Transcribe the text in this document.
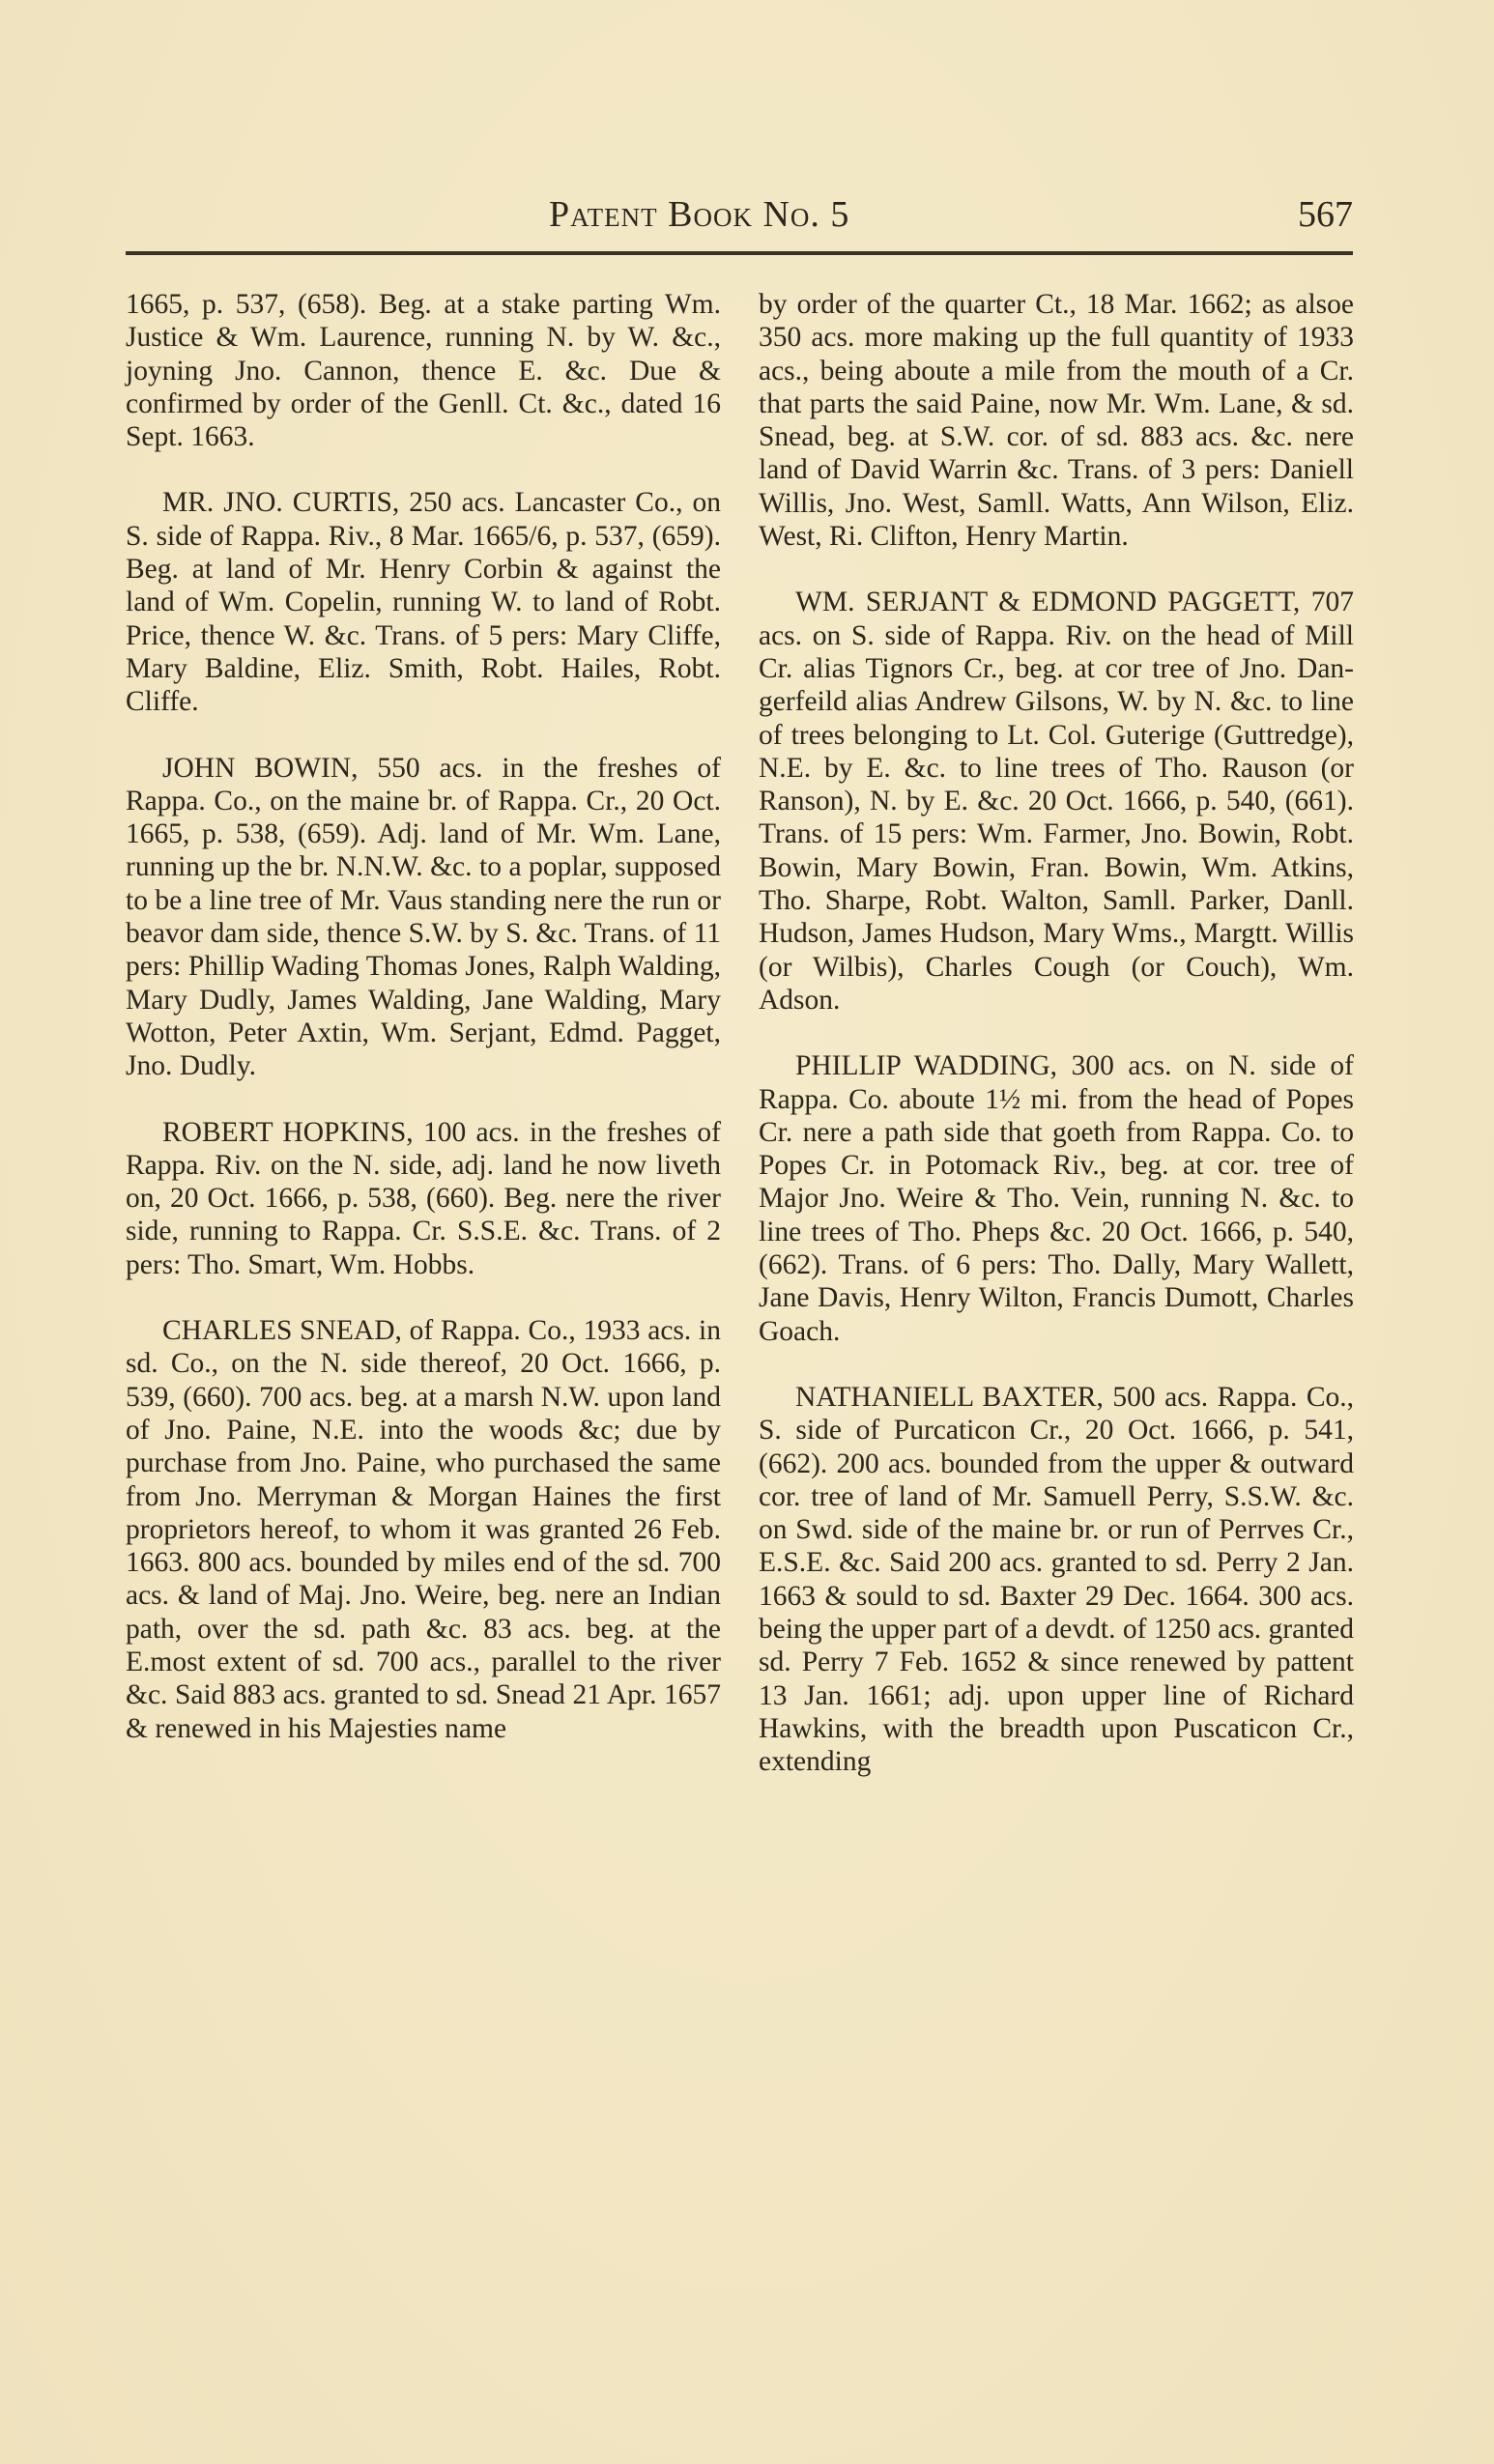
Patent Book No. 5	567

1665, p. 537, (658). Beg. at a stake parting Wm. Justice & Wm. Laurence, running N. by W. &c., joyning Jno. Cannon, thence E. &c. Due & confirmed by order of the Genll. Ct. &c., dated 16 Sept. 1663.

MR. JNO. CURTIS, 250 acs. Lancaster Co., on S. side of Rappa. Riv., 8 Mar. 1665/6, p. 537, (659). Beg. at land of Mr. Henry Corbin & against the land of Wm. Copelin, running W. to land of Robt. Price, thence W. &c. Trans. of 5 pers: Mary Cliffe, Mary Baldine, Eliz. Smith, Robt. Hailes, Robt. Cliffe.

JOHN BOWIN, 550 acs. in the freshes of Rappa. Co., on the maine br. of Rappa. Cr., 20 Oct. 1665, p. 538, (659). Adj. land of Mr. Wm. Lane, running up the br. N.N.W. &c. to a poplar, supposed to be a line tree of Mr. Vaus standing nere the run or beavor dam side, thence S.W. by S. &c. Trans. of 11 pers: Phillip Wading Thomas Jones, Ralph Walding, Mary Dudly, James Walding, Jane Walding, Mary Wotton, Peter Axtin, Wm. Serjant, Edmd. Pagget, Jno. Dudly.

ROBERT HOPKINS, 100 acs. in the freshes of Rappa. Riv. on the N. side, adj. land he now liveth on, 20 Oct. 1666, p. 538, (660). Beg. nere the river side, running to Rappa. Cr. S.S.E. &c. Trans. of 2 pers: Tho. Smart, Wm. Hobbs.

CHARLES SNEAD, of Rappa. Co., 1933 acs. in sd. Co., on the N. side thereof, 20 Oct. 1666, p. 539, (660). 700 acs. beg. at a marsh N.W. upon land of Jno. Paine, N.E. into the woods &c; due by purchase from Jno. Paine, who purchased the same from Jno. Merryman & Morgan Haines the first proprietors hereof, to whom it was granted 26 Feb. 1663. 800 acs. bounded by miles end of the sd. 700 acs. & land of Maj. Jno. Weire, beg. nere an Indian path, over the sd. path &c. 83 acs. beg. at the E.most extent of sd. 700 acs., parallel to the river &c. Said 883 acs. granted to sd. Snead 21 Apr. 1657 & renewed in his Majesties name

by order of the quarter Ct., 18 Mar. 1662; as alsoe 350 acs. more making up the full quantity of 1933 acs., being aboute a mile from the mouth of a Cr. that parts the said Paine, now Mr. Wm. Lane, & sd. Snead, beg. at S.W. cor. of sd. 883 acs. &c. nere land of David Warrin &c. Trans. of 3 pers: Daniell Willis, Jno. West, Samll. Watts, Ann Wilson, Eliz. West, Ri. Clifton, Henry Martin.

WM. SERJANT & EDMOND PAGGETT, 707 acs. on S. side of Rappa. Riv. on the head of Mill Cr. alias Tignors Cr., beg. at cor tree of Jno. Dangerfeild alias Andrew Gilsons, W. by N. &c. to line of trees belonging to Lt. Col. Guterige (Guttredge), N.E. by E. &c. to line trees of Tho. Rauson (or Ranson), N. by E. &c. 20 Oct. 1666, p. 540, (661). Trans. of 15 pers: Wm. Farmer, Jno. Bowin, Robt. Bowin, Mary Bowin, Fran. Bowin, Wm. Atkins, Tho. Sharpe, Robt. Walton, Samll. Parker, Danll. Hudson, James Hudson, Mary Wms., Margtt. Willis (or Wilbis), Charles Cough (or Couch), Wm. Adson.

PHILLIP WADDING, 300 acs. on N. side of Rappa. Co. aboute 1½ mi. from the head of Popes Cr. nere a path side that goeth from Rappa. Co. to Popes Cr. in Potomack Riv., beg. at cor. tree of Major Jno. Weire & Tho. Vein, running N. &c. to line trees of Tho. Pheps &c. 20 Oct. 1666, p. 540, (662). Trans. of 6 pers: Tho. Dally, Mary Wallett, Jane Davis, Henry Wilton, Francis Dumott, Charles Goach.

NATHANIELL BAXTER, 500 acs. Rappa. Co., S. side of Purcaticon Cr., 20 Oct. 1666, p. 541, (662). 200 acs. bounded from the upper & outward cor. tree of land of Mr. Samuell Perry, S.S.W. &c. on Swd. side of the maine br. or run of Perrves Cr., E.S.E. &c. Said 200 acs. granted to sd. Perry 2 Jan. 1663 & sould to sd. Baxter 29 Dec. 1664. 300 acs. being the upper part of a devdt. of 1250 acs. granted sd. Perry 7 Feb. 1652 & since renewed by pattent 13 Jan. 1661; adj. upon upper line of Richard Hawkins, with the breadth upon Puscaticon Cr., extending
